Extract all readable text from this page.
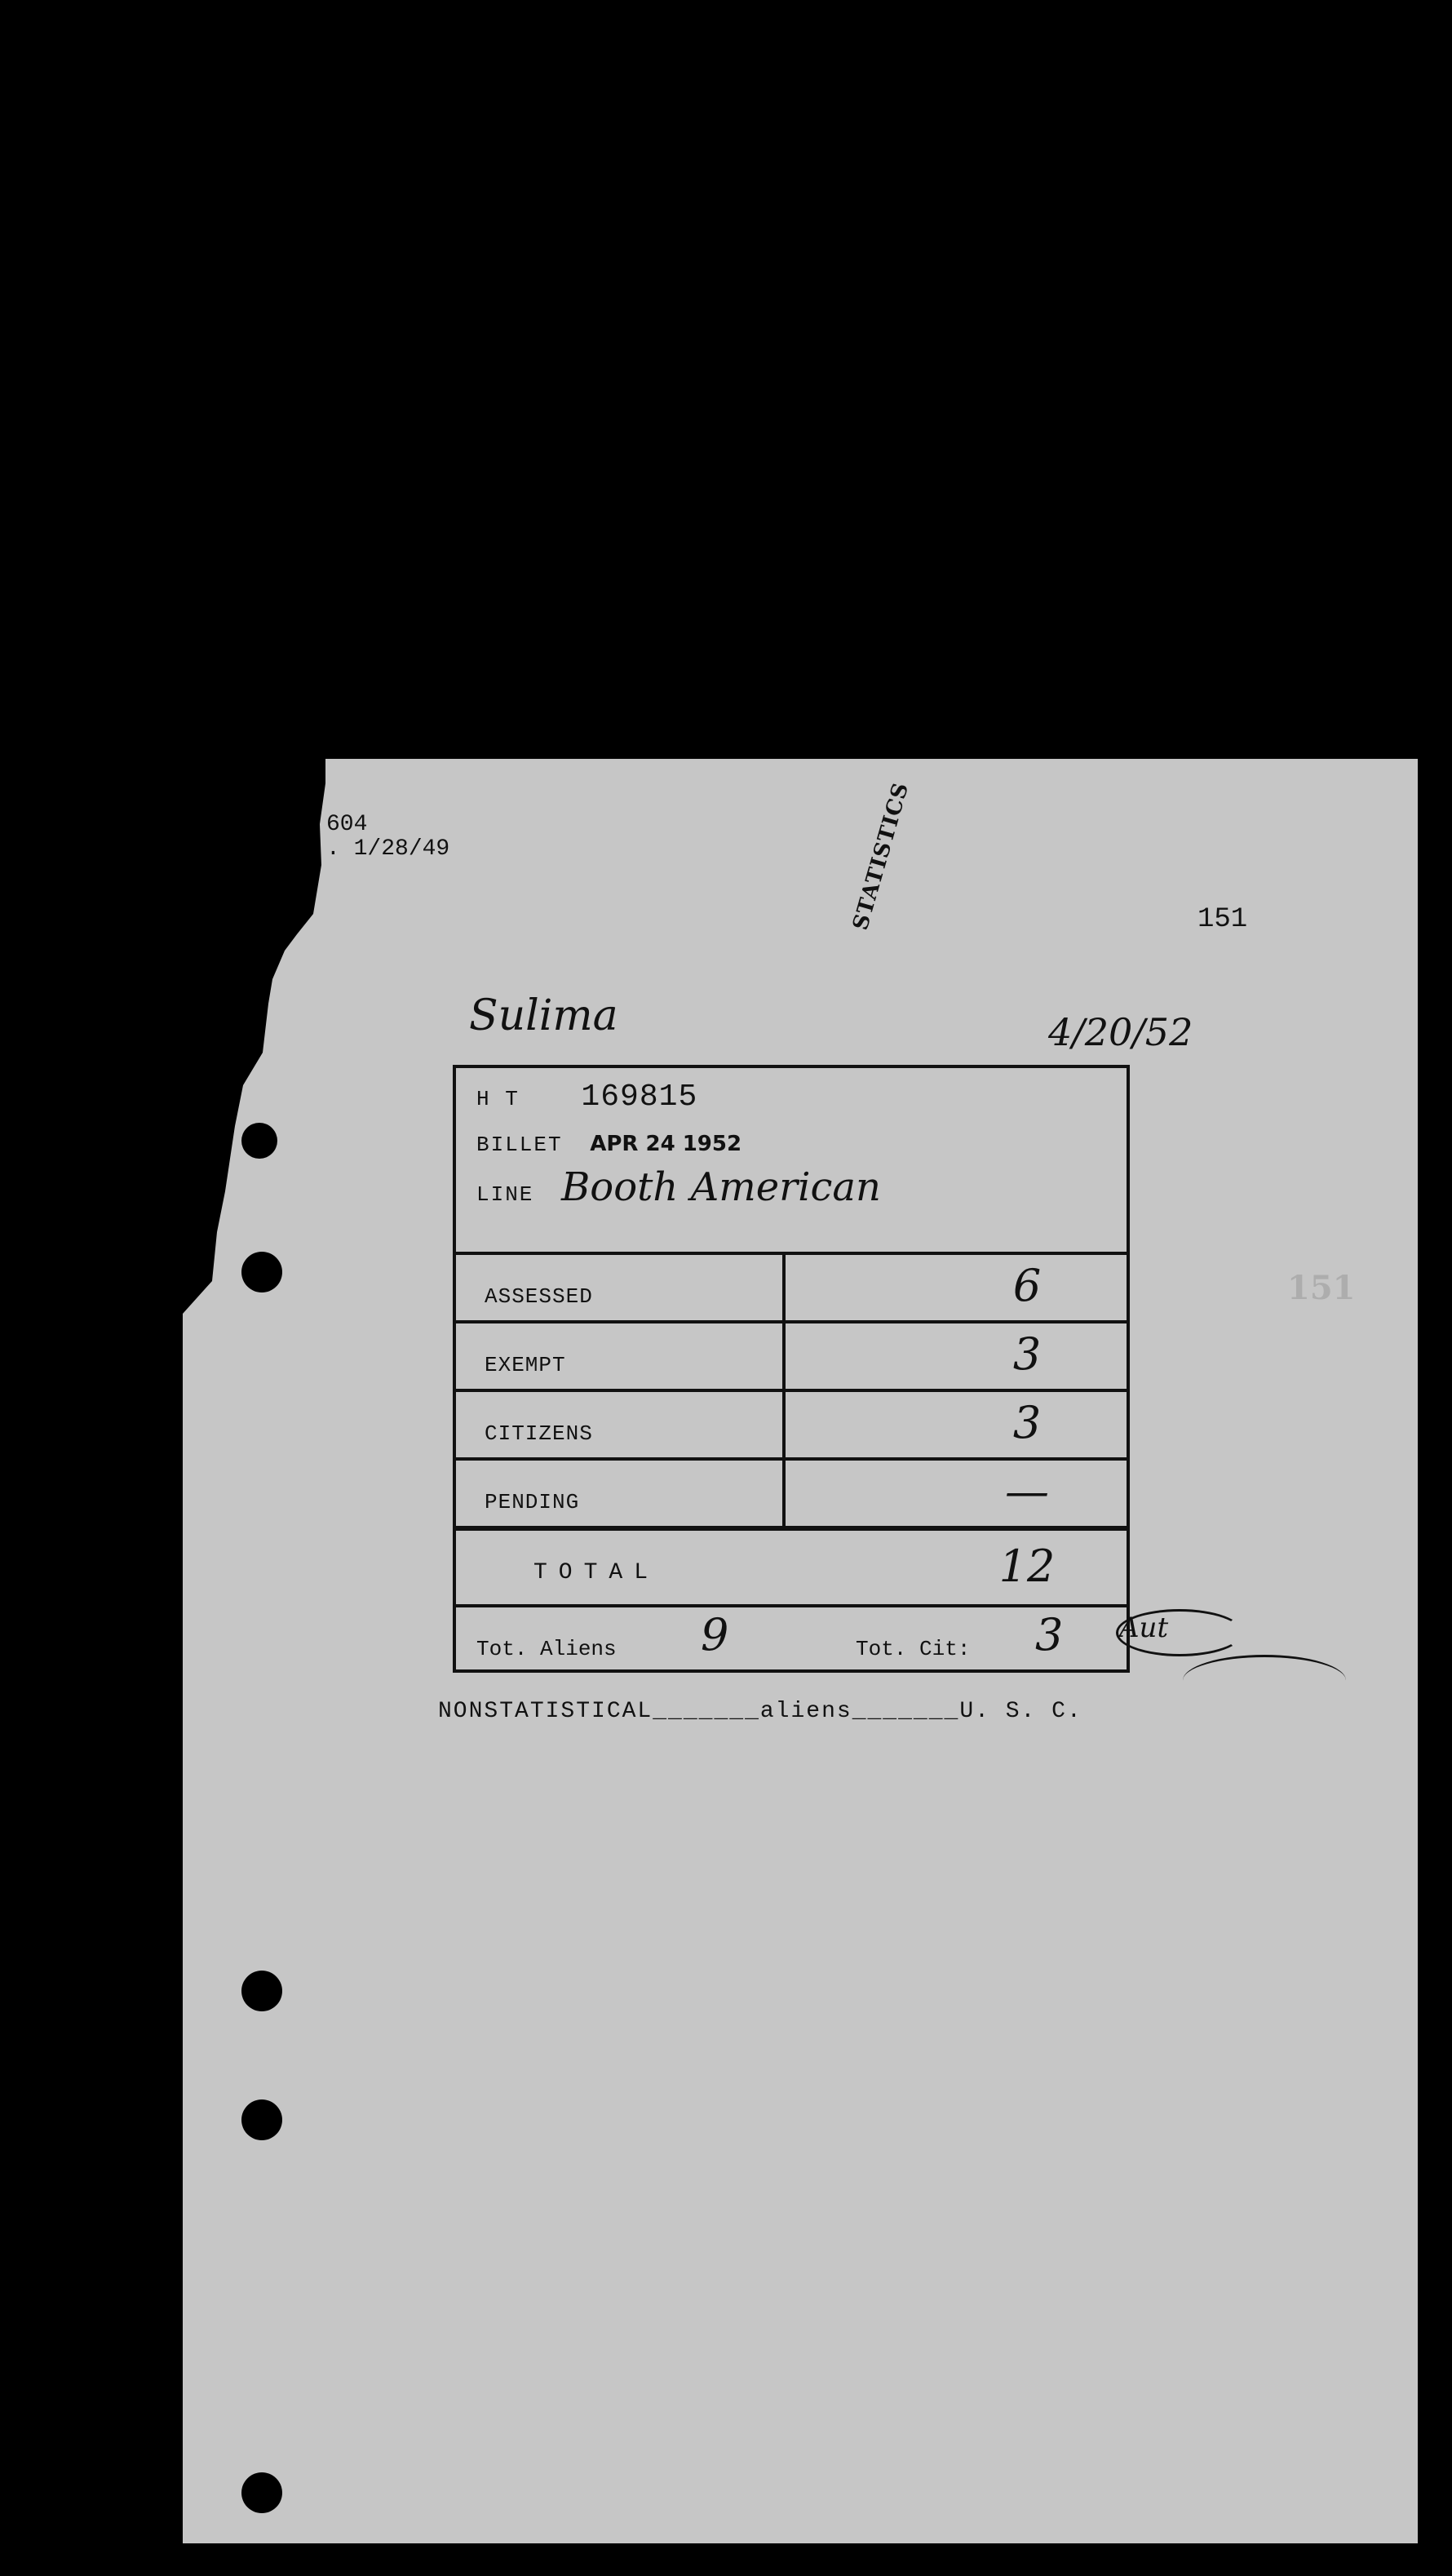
604
. 1/28/49
151
151
STATISTICS
Sulima	4/20/52
H T 169815
BILLET APR 24 1952
LINE Booth American
ASSESSED	6
EXEMPT	3
CITIZENS	3
PENDING	—
TOTAL	12
Tot. Aliens 9	Tot. Cit: 3 Aut
NONSTATISTICAL_______aliens_______U. S. C.
